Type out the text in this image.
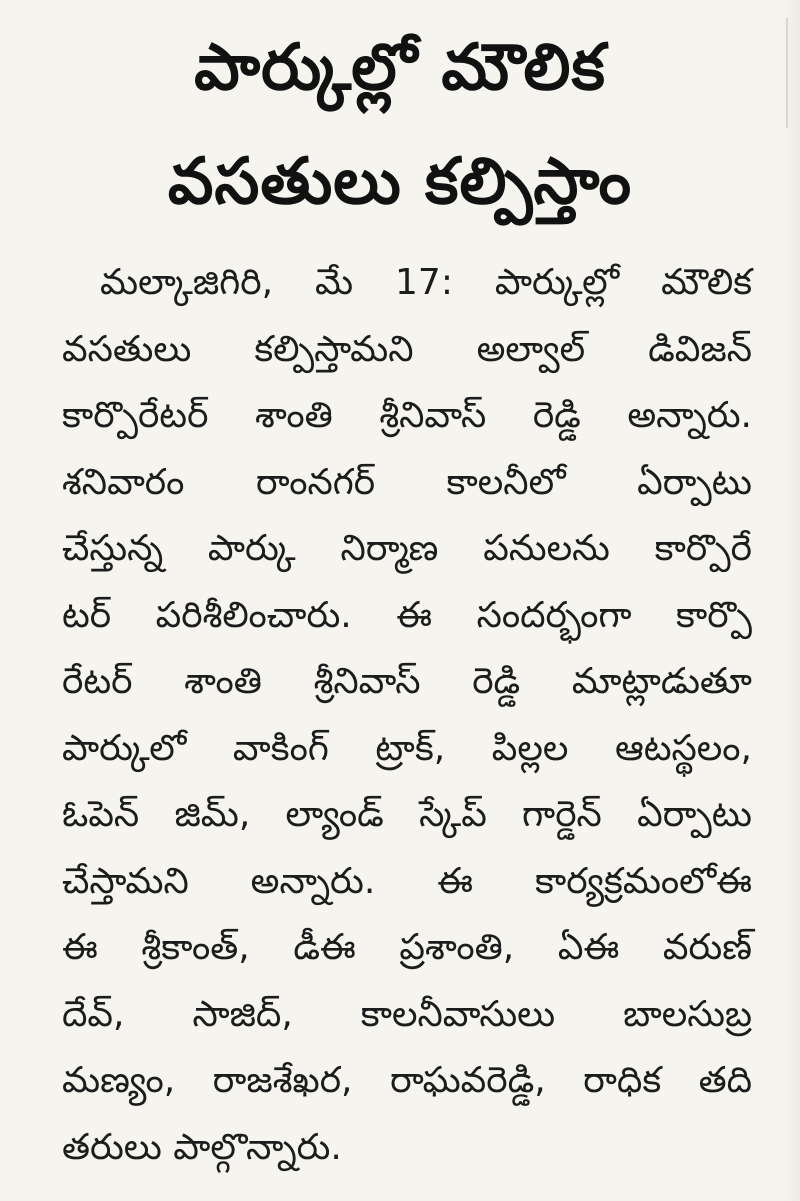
పార్కుల్లో మౌలిక
వసతులు కల్పిస్తాం
మల్కాజిగిరి, మే 17: పార్కుల్లో మౌలిక
వసతులు కల్పిస్తామని అల్వాల్ డివిజన్
కార్పొరేటర్ శాంతి శ్రీనివాస్ రెడ్డి అన్నారు.
శనివారం రాంనగర్ కాలనీలో ఏర్పాటు
చేస్తున్న పార్కు నిర్మాణ పనులను కార్పొరే
టర్ పరిశీలించారు. ఈ సందర్భంగా కార్పొ
రేటర్ శాంతి శ్రీనివాస్ రెడ్డి మాట్లాడుతూ
పార్కులో వాకింగ్ ట్రాక్, పిల్లల ఆటస్థలం,
ఓపెన్ జిమ్, ల్యాండ్ స్కేప్ గార్డెన్ ఏర్పాటు
చేస్తామని అన్నారు. ఈ కార్యక్రమంలోఈ
ఈ శ్రీకాంత్, డీఈ ప్రశాంతి, ఏఈ వరుణ్
దేవ్, సాజిద్, కాలనీవాసులు బాలసుబ్ర
మణ్యం, రాజశేఖర, రాఘవరెడ్డి, రాధిక తది
తరులు పాల్గొన్నారు.
